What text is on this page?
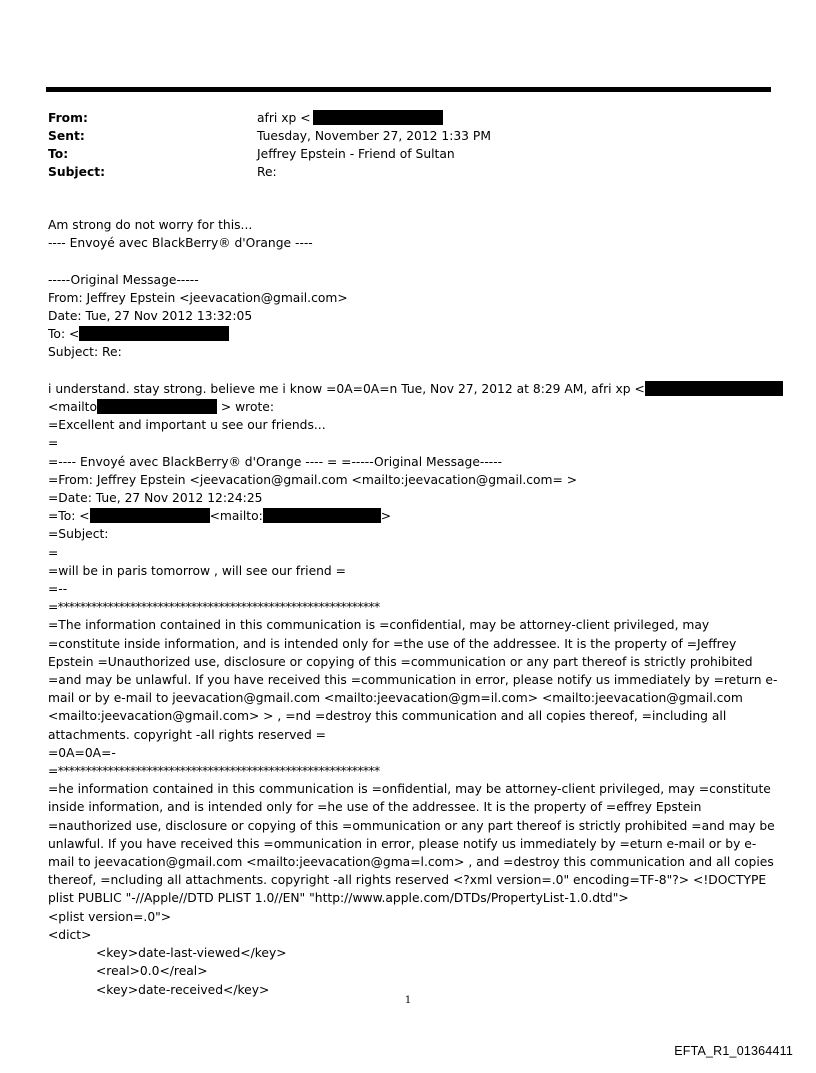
From:	afri xp <
Sent:	Tuesday, November 27, 2012 1:33 PM
To:	Jeffrey Epstein - Friend of Sultan
Subject:	Re:

Am strong do not worry for this...

---- Envoyé avec BlackBerry® d'Orange ----

-----Original Message-----

From: Jeffrey Epstein <jeevacation@gmail.com>

Date: Tue, 27 Nov 2012 13:32:05

To: <

Subject: Re:

i understand. stay strong. believe me i know =0A=0A=n Tue, Nov 27, 2012 at 8:29 AM, afri xp <

<mailto	> wrote:

=Excellent and important u see our friends...

=

=---- Envoyé avec BlackBerry® d'Orange ---- = =-----Original Message-----

=From: Jeffrey Epstein <jeevacation@gmail.com <mailto:jeevacation@gmail.com= >

=Date: Tue, 27 Nov 2012 12:24:25

=To: <	<mailto:	>

=Subject:

=

=will be in paris tomorrow , will see our friend =

=--

=**********************************************************

=The information contained in this communication is =confidential, may be attorney-client privileged, may =constitute inside information, and is intended only for =the use of the addressee. It is the property of =Jeffrey Epstein =Unauthorized use, disclosure or copying of this =communication or any part thereof is strictly prohibited =and may be unlawful. If you have received this =communication in error, please notify us immediately by =return e-mail or by e-mail to jeevacation@gmail.com <mailto:jeevacation@gm=il.com> <mailto:jeevacation@gmail.com <mailto:jeevacation@gmail.com> > , =nd =destroy this communication and all copies thereof, =including all attachments. copyright -all rights reserved =

=0A=0A=-

=**********************************************************

=he information contained in this communication is =onfidential, may be attorney-client privileged, may =constitute inside information, and is intended only for =he use of the addressee. It is the property of =effrey Epstein =nauthorized use, disclosure or copying of this =ommunication or any part thereof is strictly prohibited =and may be unlawful. If you have received this =ommunication in error, please notify us immediately by =eturn e-mail or by e-mail to jeevacation@gmail.com <mailto:jeevacation@gma=l.com> , and =destroy this communication and all copies thereof, =ncluding all attachments. copyright -all rights reserved <?xml version=.0" encoding=TF-8"?> <!DOCTYPE plist PUBLIC "-//Apple//DTD PLIST 1.0//EN" "http://www.apple.com/DTDs/PropertyList-1.0.dtd">

<plist version=.0">

<dict>

<key>date-last-viewed</key>

<real>0.0</real>

<key>date-received</key>

1
EFTA_R1_01364411
